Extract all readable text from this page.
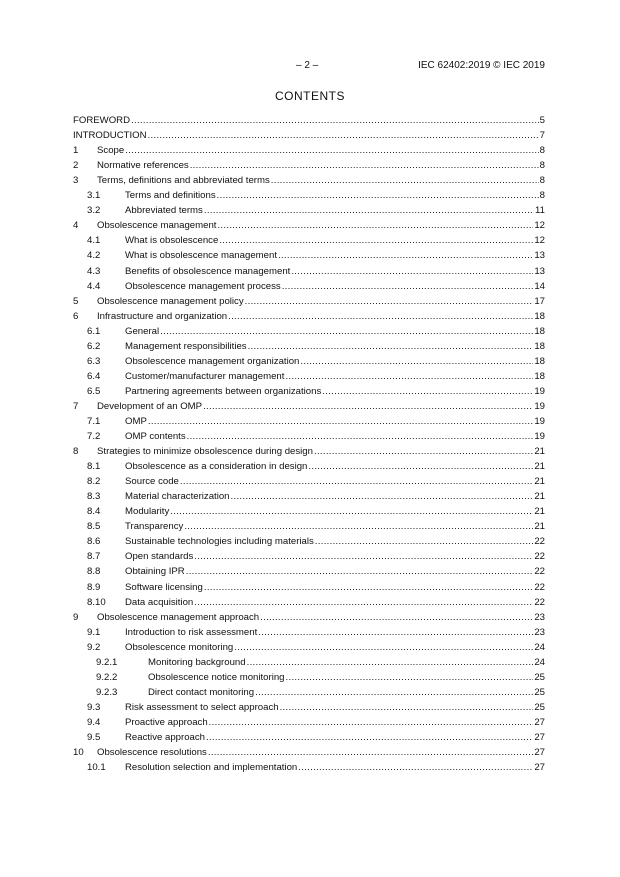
– 2 –	IEC 62402:2019 © IEC 2019
CONTENTS
FOREWORD .....	5
INTRODUCTION .....	7
1	Scope .....	8
2	Normative references .....	8
3	Terms, definitions and abbreviated terms .....	8
3.1	Terms and definitions .....	8
3.2	Abbreviated terms .....	11
4	Obsolescence management .....	12
4.1	What is obsolescence .....	12
4.2	What is obsolescence management .....	13
4.3	Benefits of obsolescence management .....	13
4.4	Obsolescence management process .....	14
5	Obsolescence management policy .....	17
6	Infrastructure and organization .....	18
6.1	General .....	18
6.2	Management responsibilities .....	18
6.3	Obsolescence management organization .....	18
6.4	Customer/manufacturer management .....	18
6.5	Partnering agreements between organizations .....	19
7	Development of an OMP .....	19
7.1	OMP .....	19
7.2	OMP contents .....	19
8	Strategies to minimize obsolescence during design .....	21
8.1	Obsolescence as a consideration in design .....	21
8.2	Source code .....	21
8.3	Material characterization .....	21
8.4	Modularity .....	21
8.5	Transparency .....	21
8.6	Sustainable technologies including materials .....	22
8.7	Open standards .....	22
8.8	Obtaining IPR .....	22
8.9	Software licensing .....	22
8.10	Data acquisition .....	22
9	Obsolescence management approach .....	23
9.1	Introduction to risk assessment .....	23
9.2	Obsolescence monitoring .....	24
9.2.1	Monitoring background .....	24
9.2.2	Obsolescence notice monitoring .....	25
9.2.3	Direct contact monitoring .....	25
9.3	Risk assessment to select approach .....	25
9.4	Proactive approach .....	27
9.5	Reactive approach .....	27
10	Obsolescence resolutions .....	27
10.1	Resolution selection and implementation .....	27
